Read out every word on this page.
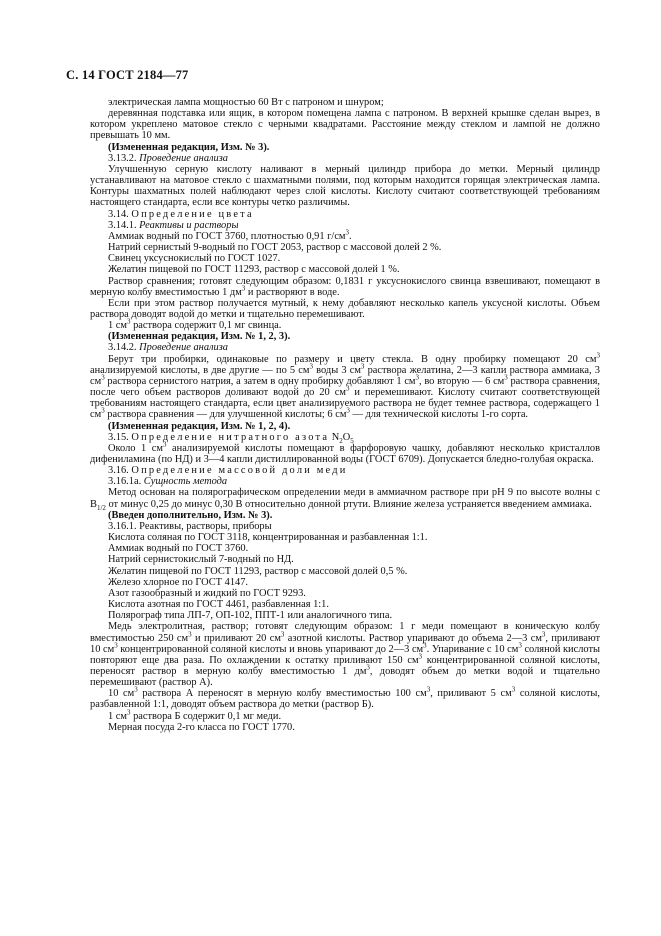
С. 14 ГОСТ 2184—77

электрическая лампа мощностью 60 Вт с патроном и шнуром;

деревянная подставка или ящик, в котором помещена лампа с патроном. В верхней крышке сделан вырез, в котором укреплено матовое стекло с черными квадратами. Расстояние между стеклом и лампой не должно превышать 10 мм.

(Измененная редакция, Изм. № 3).

3.13.2. Проведение анализа

Улучшенную серную кислоту наливают в мерный цилиндр прибора до метки. Мерный цилиндр устанавливают на матовое стекло с шахматными полями, под которым находится горящая электрическая лампа. Контуры шахматных полей наблюдают через слой кислоты. Кислоту считают соответствующей требованиям настоящего стандарта, если все контуры четко различимы.

3.14. Определение цвета

3.14.1. Реактивы и растворы

Аммиак водный по ГОСТ 3760, плотностью 0,91 $г/см^3$.

Натрий сернистый 9-водный по ГОСТ 2053, раствор с массовой долей 2 %.

Свинец уксуснокислый по ГОСТ 1027.

Желатин пищевой по ГОСТ 11293, раствор с массовой долей 1 %.

Раствор сравнения; готовят следующим образом: 0,1831 г уксуснокислого свинца взвешивают, помещают в мерную колбу вместимостью 1 $дм^3$ и растворяют в воде.

Если при этом раствор получается мутный, к нему добавляют несколько капель уксусной кислоты. Объем раствора доводят водой до метки и тщательно перемешивают.

1 $см^3$ раствора содержит 0,1 мг свинца.

(Измененная редакция, Изм. № 1, 2, 3).

3.14.2. Проведение анализа

Берут три пробирки, одинаковые по размеру и цвету стекла. В одну пробирку помещают 20 $см^3$ анализируемой кислоты, в две другие — по 5 $см^3$ воды 3 $см^3$ раствора желатина, 2—3 капли раствора аммиака, 3 $см^3$ раствора сернистого натрия, а затем в одну пробирку добавляют 1 $см^3$, во вторую — 6 $см^3$ раствора сравнения, после чего объем растворов доливают водой до 20 $см^3$ и перемешивают. Кислоту считают соответствующей требованиям настоящего стандарта, если цвет анализируемого раствора не будет темнее раствора, содержащего 1 $см^3$ раствора сравнения — для улучшенной кислоты; 6 $см^3$ — для технической кислоты 1-го сорта.

(Измененная редакция, Изм. № 1, 2, 4).

3.15. Определение нитратного азота $N_2O_5$

Около 1 $см^3$ анализируемой кислоты помещают в фарфоровую чашку, добавляют несколько кристаллов дифениламина (по НД) и 3—4 капли дистиллированной воды (ГОСТ 6709). Допускается бледно-голубая окраска.

3.16. Определение массовой доли меди

3.16.1а. Сущность метода

Метод основан на полярографическом определении меди в аммиачном растворе при pH 9 по высоте волны с $B_{1/2}$ от минус 0,25 до минус 0,30 В относительно донной ртути. Влияние железа устраняется введением аммиака.

(Введен дополнительно, Изм. № 3).

3.16.1. Реактивы, растворы, приборы

Кислота соляная по ГОСТ 3118, концентрированная и разбавленная 1:1.

Аммиак водный по ГОСТ 3760.

Натрий сернистокислый 7-водный по НД.

Желатин пищевой по ГОСТ 11293, раствор с массовой долей 0,5 %.

Железо хлорное по ГОСТ 4147.

Азот газообразный и жидкий по ГОСТ 9293.

Кислота азотная по ГОСТ 4461, разбавленная 1:1.

Полярограф типа ЛП-7, ОП-102, ППТ-1 или аналогичного типа.

Медь электролитная, раствор; готовят следующим образом: 1 г меди помещают в коническую колбу вместимостью 250 $см^3$ и приливают 20 $см^3$ азотной кислоты. Раствор упаривают до объема 2—3 $см^3$, приливают 10 $см^3$ концентрированной соляной кислоты и вновь упаривают до 2—3 $см^3$. Упаривание с 10 $см^3$ соляной кислоты повторяют еще два раза. По охлаждении к остатку приливают 150 $см^3$ концентрированной соляной кислоты, переносят раствор в мерную колбу вместимостью 1 $дм^3$, доводят объем до метки водой и тщательно перемешивают (раствор А).

10 $см^3$ раствора А переносят в мерную колбу вместимостью 100 $см^3$, приливают 5 $см^3$ соляной кислоты, разбавленной 1:1, доводят объем раствора до метки (раствор Б).

1 $см^3$ раствора Б содержит 0,1 мг меди.

Мерная посуда 2-го класса по ГОСТ 1770.
